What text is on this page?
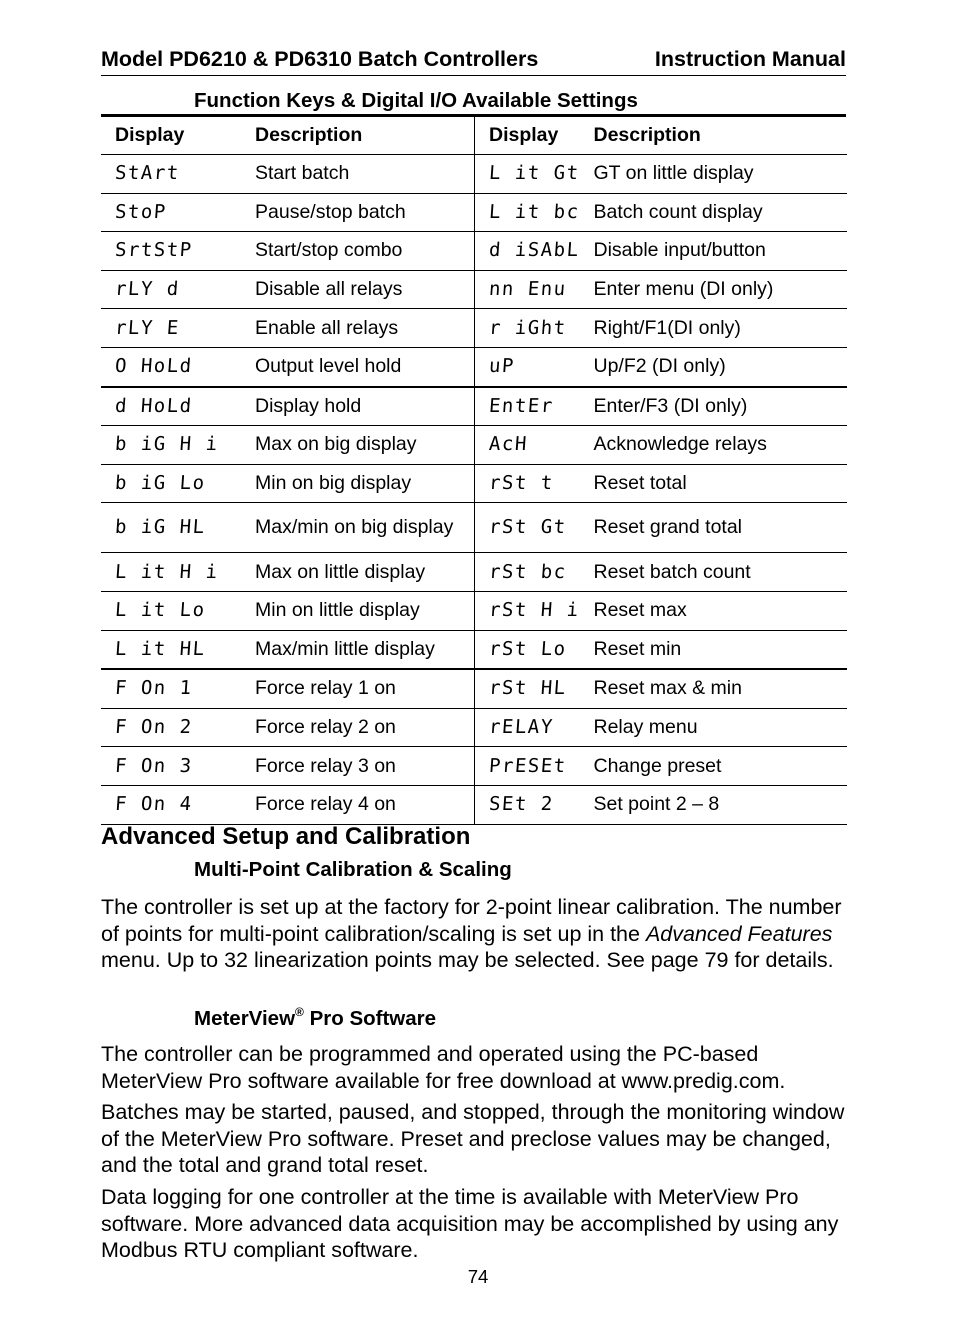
Model PD6210 & PD6310 Batch Controllers	Instruction Manual
Function Keys & Digital I/O Available Settings
Display	Description	Display	Description
StArt	Start batch	L it Gt	GT on little display
StoP	Pause/stop batch	L it bc	Batch count display
SrtStP	Start/stop combo	d iSAbL	Disable input/button
rLY d	Disable all relays	nn Enu	Enter menu (DI only)
rLY E	Enable all relays	r iGht	Right/F1(DI only)
O HoLd	Output level hold	uP	Up/F2 (DI only)
d HoLd	Display hold	EntEr	Enter/F3 (DI only)
b iG H i	Max on big display	AcH	Acknowledge relays
b iG Lo	Min on big display	rSt t	Reset total
b iG HL	Max/min on big display	rSt Gt	Reset grand total
L it H i	Max on little display	rSt bc	Reset batch count
L it Lo	Min on little display	rSt H i	Reset max
L it HL	Max/min little display	rSt Lo	Reset min
F On 1	Force relay 1 on	rSt HL	Reset max & min
F On 2	Force relay 2 on	rELAY	Relay menu
F On 3	Force relay 3 on	PrESEt	Change preset
F On 4	Force relay 4 on	SEt 2	Set point 2 – 8
Advanced Setup and Calibration
Multi-Point Calibration & Scaling

The controller is set up at the factory for 2-point linear calibration. The number of points for multi-point calibration/scaling is set up in the Advanced Features menu. Up to 32 linearization points may be selected. See page 79 for details.

MeterView® Pro Software

The controller can be programmed and operated using the PC-based MeterView Pro software available for free download at www.predig.com.

Batches may be started, paused, and stopped, through the monitoring window of the MeterView Pro software. Preset and preclose values may be changed, and the total and grand total reset.

Data logging for one controller at the time is available with MeterView Pro software. More advanced data acquisition may be accomplished by using any Modbus RTU compliant software.

74
